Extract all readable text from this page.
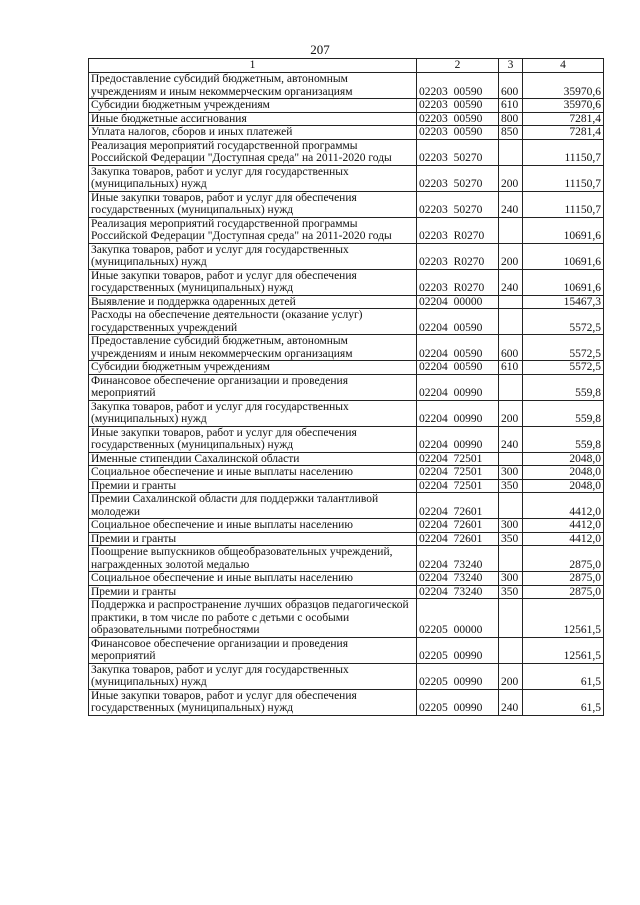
207
1	2	3	4
Предоставление субсидий бюджетным, автономным учреждениям и иным некоммерческим организациям	02203 00590	600	35970,6
Субсидии бюджетным учреждениям	02203 00590	610	35970,6
Иные бюджетные ассигнования	02203 00590	800	7281,4
Уплата налогов, сборов и иных платежей	02203 00590	850	7281,4
Реализация мероприятий государственной программы Российской Федерации "Доступная среда" на 2011-2020 годы	02203 50270		11150,7
Закупка товаров, работ и услуг для государственных (муниципальных) нужд	02203 50270	200	11150,7
Иные закупки товаров, работ и услуг для обеспечения государственных (муниципальных) нужд	02203 50270	240	11150,7
Реализация мероприятий государственной программы Российской Федерации "Доступная среда" на 2011-2020 годы	02203 R0270		10691,6
Закупка товаров, работ и услуг для государственных (муниципальных) нужд	02203 R0270	200	10691,6
Иные закупки товаров, работ и услуг для обеспечения государственных (муниципальных) нужд	02203 R0270	240	10691,6
Выявление и поддержка одаренных детей	02204 00000		15467,3
Расходы на обеспечение деятельности (оказание услуг) государственных учреждений	02204 00590		5572,5
Предоставление субсидий бюджетным, автономным учреждениям и иным некоммерческим организациям	02204 00590	600	5572,5
Субсидии бюджетным учреждениям	02204 00590	610	5572,5
Финансовое обеспечение организации и проведения мероприятий	02204 00990		559,8
Закупка товаров, работ и услуг для государственных (муниципальных) нужд	02204 00990	200	559,8
Иные закупки товаров, работ и услуг для обеспечения государственных (муниципальных) нужд	02204 00990	240	559,8
Именные стипендии Сахалинской области	02204 72501		2048,0
Социальное обеспечение и иные выплаты населению	02204 72501	300	2048,0
Премии и гранты	02204 72501	350	2048,0
Премии Сахалинской области для поддержки талантливой молодежи	02204 72601		4412,0
Социальное обеспечение и иные выплаты населению	02204 72601	300	4412,0
Премии и гранты	02204 72601	350	4412,0
Поощрение выпускников общеобразовательных учреждений, награжденных золотой медалью	02204 73240		2875,0
Социальное обеспечение и иные выплаты населению	02204 73240	300	2875,0
Премии и гранты	02204 73240	350	2875,0
Поддержка и распространение лучших образцов педагогической практики, в том числе по работе с детьми с особыми образовательными потребностями	02205 00000		12561,5
Финансовое обеспечение организации и проведения мероприятий	02205 00990		12561,5
Закупка товаров, работ и услуг для государственных (муниципальных) нужд	02205 00990	200	61,5
Иные закупки товаров, работ и услуг для обеспечения государственных (муниципальных) нужд	02205 00990	240	61,5
